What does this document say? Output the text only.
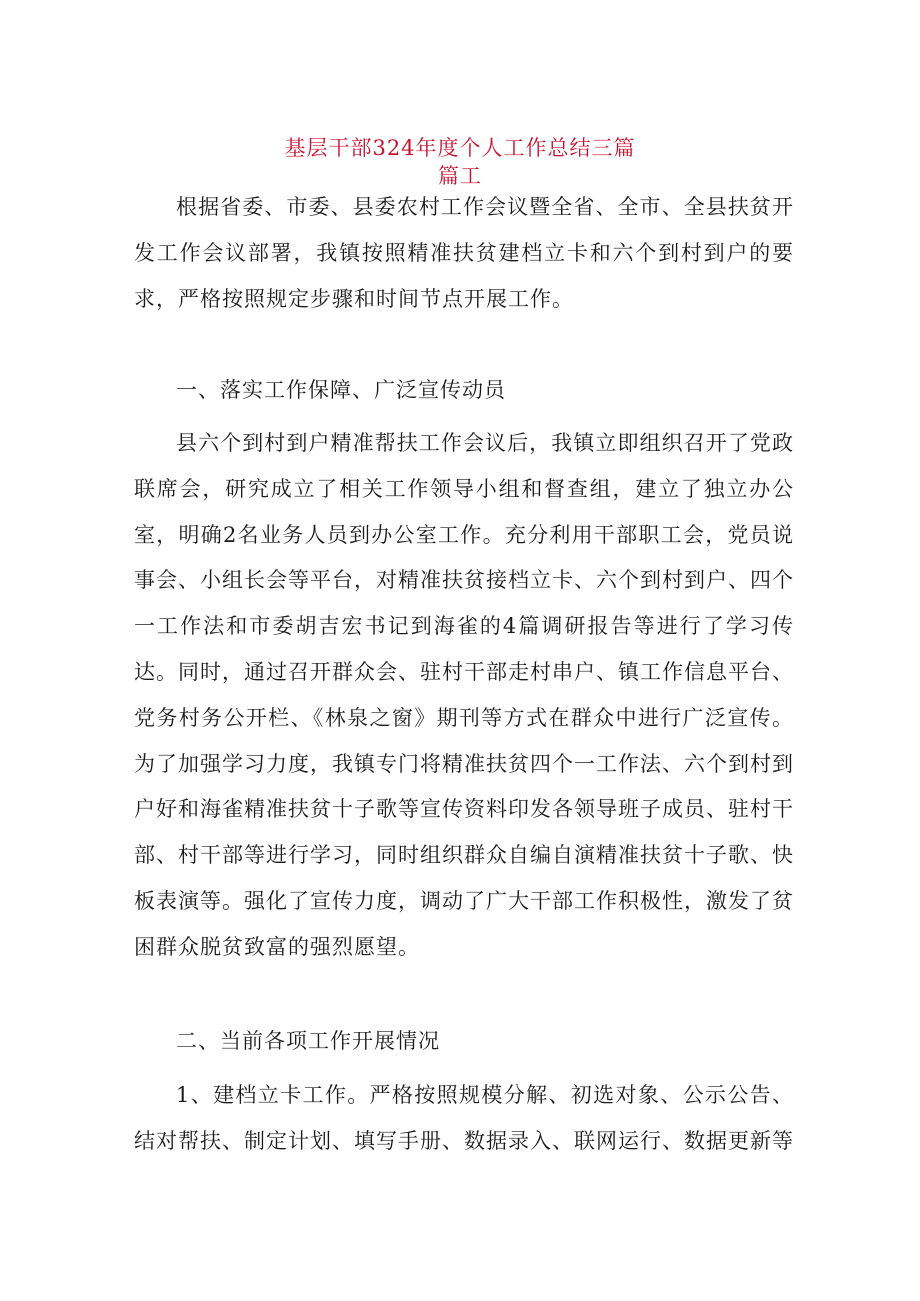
基层干部324年度个人工作总结三篇
篇工

根据省委、市委、县委农村工作会议暨全省、全市、全县扶贫开发工作会议部署，我镇按照精准扶贫建档立卡和六个到村到户的要求，严格按照规定步骤和时间节点开展工作。

一、落实工作保障、广泛宣传动员

县六个到村到户精准帮扶工作会议后，我镇立即组织召开了党政联席会，研究成立了相关工作领导小组和督查组，建立了独立办公室，明确2名业务人员到办公室工作。充分利用干部职工会，党员说事会、小组长会等平台，对精准扶贫接档立卡、六个到村到户、四个一工作法和市委胡吉宏书记到海雀的4篇调研报告等进行了学习传达。同时，通过召开群众会、驻村干部走村串户、镇工作信息平台、党务村务公开栏、《林泉之窗》期刊等方式在群众中进行广泛宣传。为了加强学习力度，我镇专门将精准扶贫四个一工作法、六个到村到户好和海雀精准扶贫十子歌等宣传资料印发各领导班子成员、驻村干部、村干部等进行学习，同时组织群众自编自演精准扶贫十子歌、快板表演等。强化了宣传力度，调动了广大干部工作积极性，激发了贫困群众脱贫致富的强烈愿望。

二、当前各项工作开展情况

1、建档立卡工作。严格按照规模分解、初选对象、公示公告、结对帮扶、制定计划、填写手册、数据录入、联网运行、数据更新等
